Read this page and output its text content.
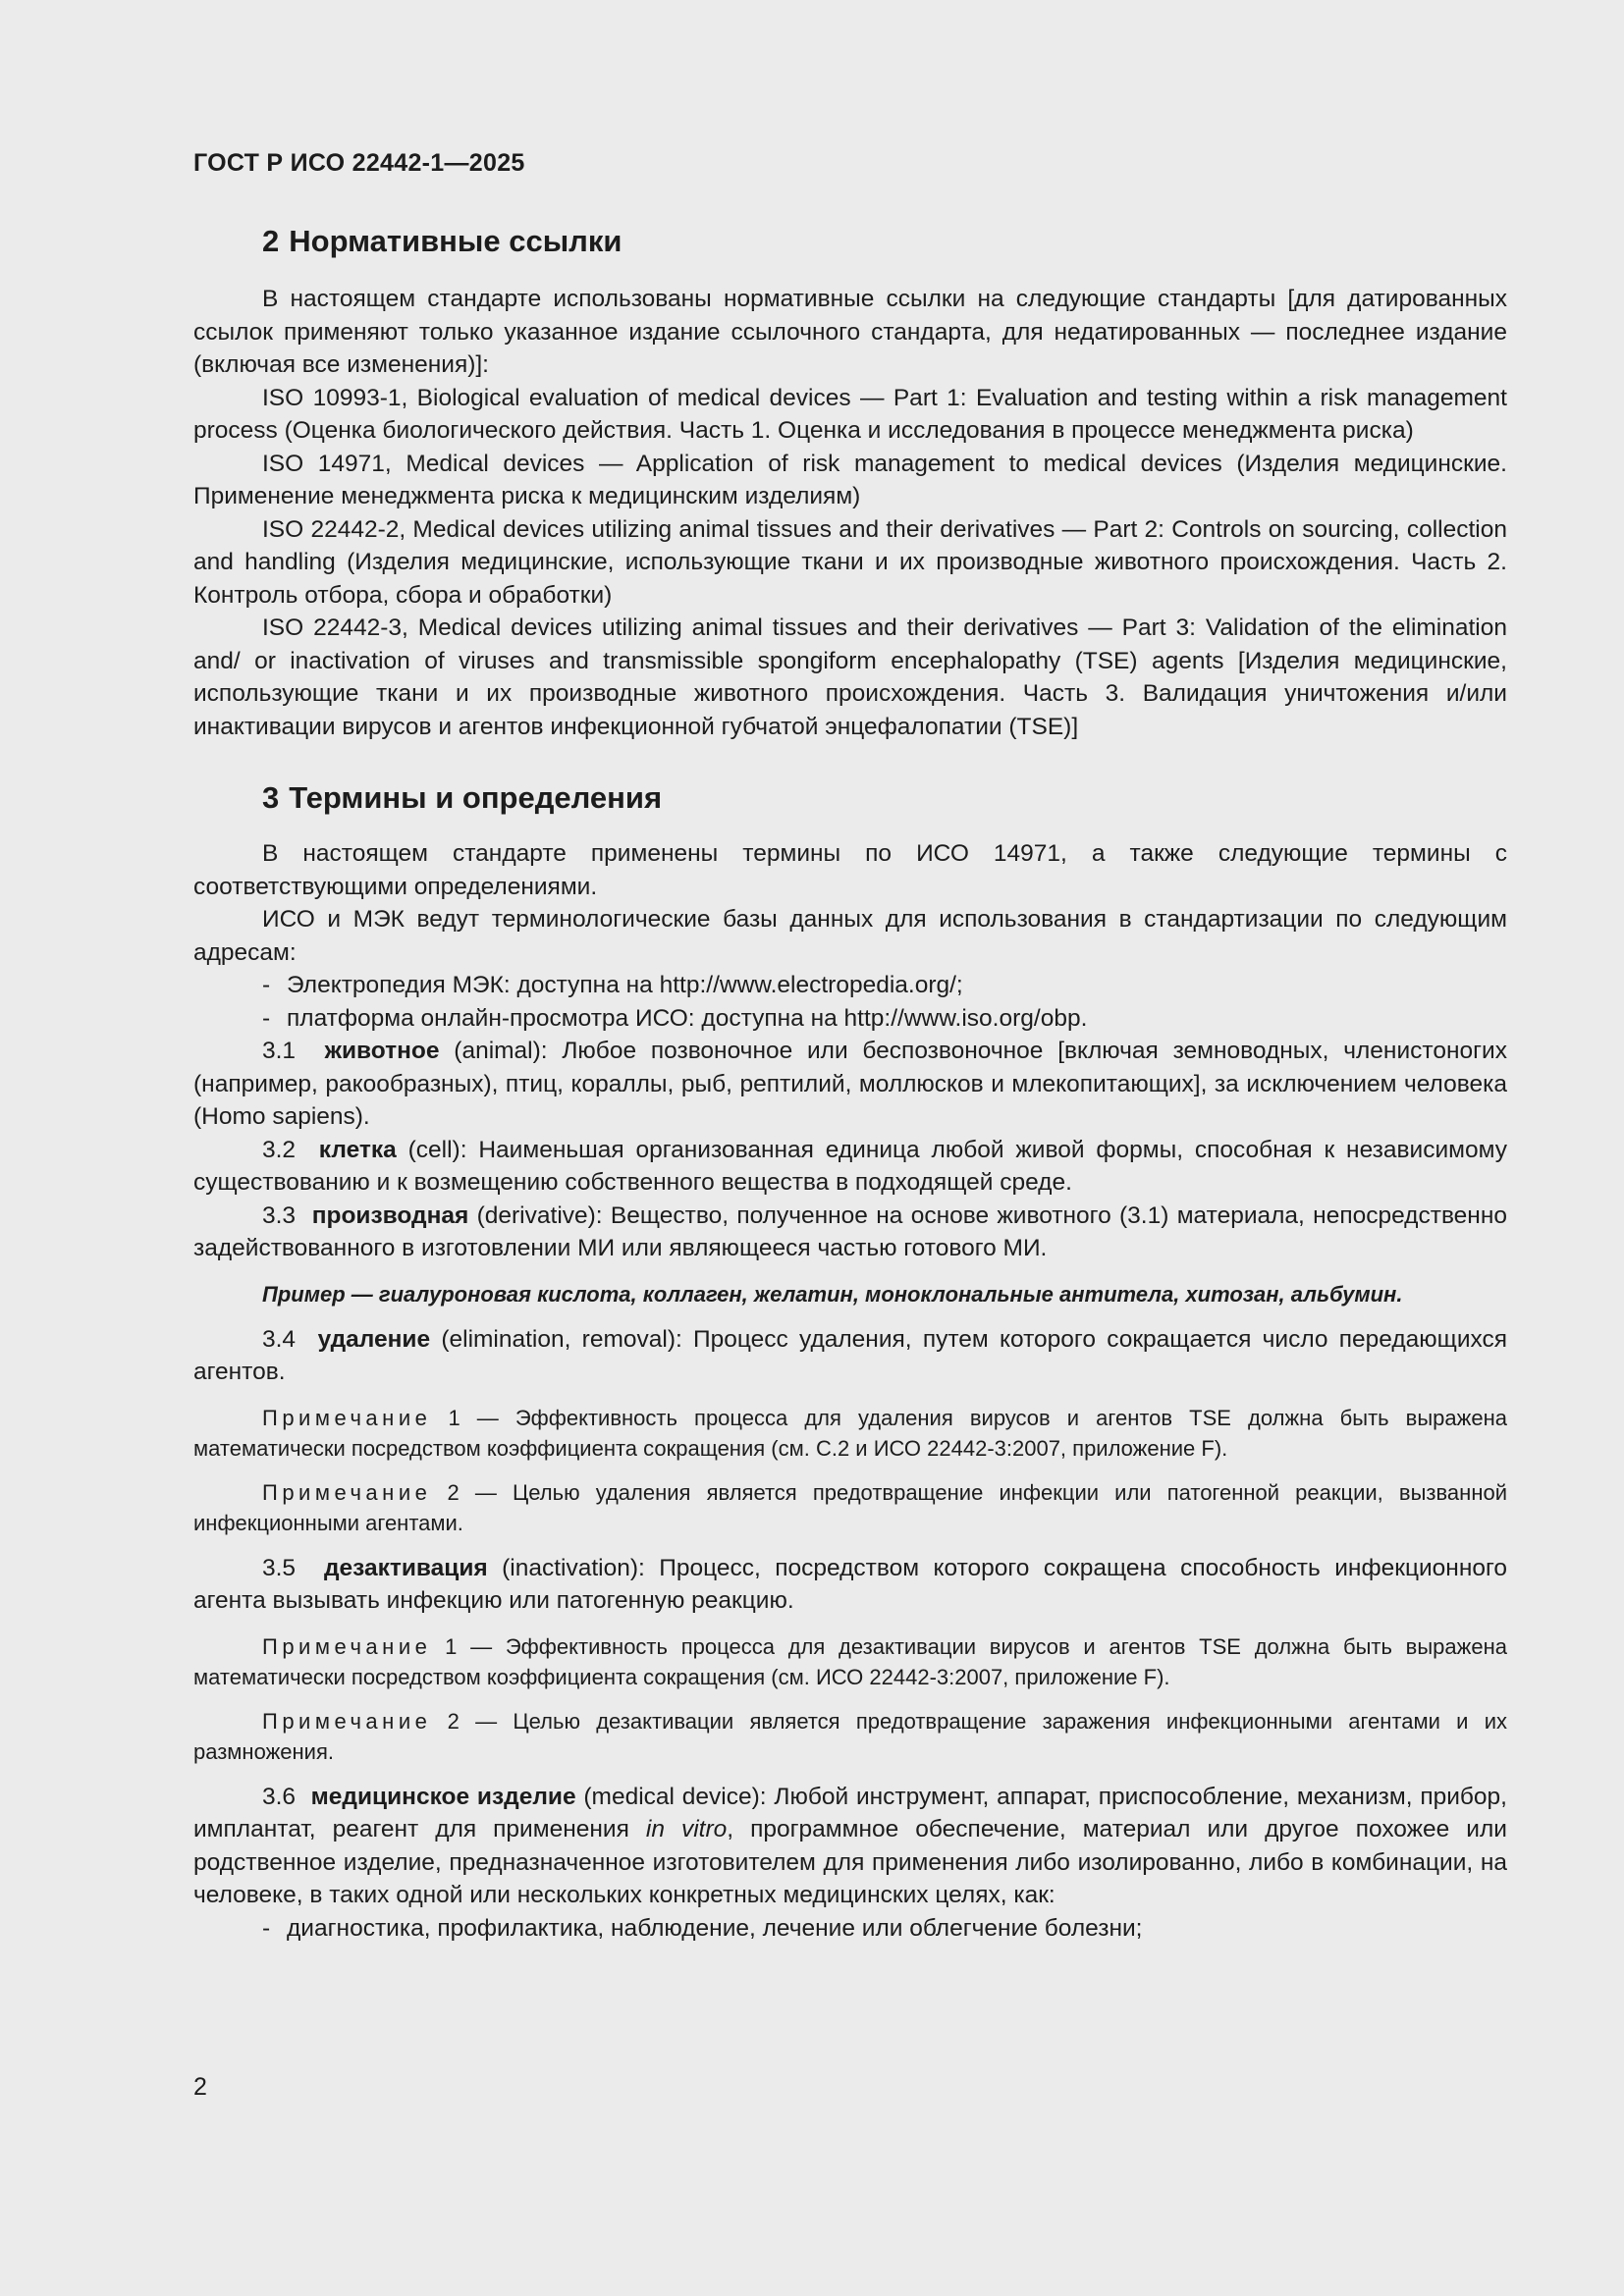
ГОСТ Р ИСО 22442-1—2025
2 Нормативные ссылки

В настоящем стандарте использованы нормативные ссылки на следующие стандарты [для датированных ссылок применяют только указанное издание ссылочного стандарта, для недатированных — последнее издание (включая все изменения)]:

ISO 10993-1, Biological evaluation of medical devices — Part 1: Evaluation and testing within a risk management process (Оценка биологического действия. Часть 1. Оценка и исследования в процессе менеджмента риска)

ISO 14971, Medical devices — Application of risk management to medical devices (Изделия медицинские. Применение менеджмента риска к медицинским изделиям)

ISO 22442-2, Medical devices utilizing animal tissues and their derivatives — Part 2: Controls on sourcing, collection and handling (Изделия медицинские, использующие ткани и их производные животного происхождения. Часть 2. Контроль отбора, сбора и обработки)

ISO 22442-3, Medical devices utilizing animal tissues and their derivatives — Part 3: Validation of the elimination and/ or inactivation of viruses and transmissible spongiform encephalopathy (TSE) agents [Изделия медицинские, использующие ткани и их производные животного происхождения. Часть 3. Валидация уничтожения и/или инактивации вирусов и агентов инфекционной губчатой энцефалопатии (TSE)]

3 Термины и определения

В настоящем стандарте применены термины по ИСО 14971, а также следующие термины с соответствующими определениями.

ИСО и МЭК ведут терминологические базы данных для использования в стандартизации по следующим адресам:

- Электропедия МЭК: доступна на http://www.electropedia.org/;
- платформа онлайн-просмотра ИСО: доступна на http://www.iso.org/obp.

3.1 животное (animal): Любое позвоночное или беспозвоночное [включая земноводных, членистоногих (например, ракообразных), птиц, кораллы, рыб, рептилий, моллюсков и млекопитающих], за исключением человека (Homo sapiens).

3.2 клетка (cell): Наименьшая организованная единица любой живой формы, способная к независимому существованию и к возмещению собственного вещества в подходящей среде.

3.3 производная (derivative): Вещество, полученное на основе животного (3.1) материала, непосредственно задействованного в изготовлении МИ или являющееся частью готового МИ.

Пример — гиалуроновая кислота, коллаген, желатин, моноклональные антитела, хитозан, альбумин.

3.4 удаление (elimination, removal): Процесс удаления, путем которого сокращается число передающихся агентов.

Примечание 1 — Эффективность процесса для удаления вирусов и агентов TSE должна быть выражена математически посредством коэффициента сокращения (см. С.2 и ИСО 22442-3:2007, приложение F).

Примечание 2 — Целью удаления является предотвращение инфекции или патогенной реакции, вызванной инфекционными агентами.

3.5 дезактивация (inactivation): Процесс, посредством которого сокращена способность инфекционного агента вызывать инфекцию или патогенную реакцию.

Примечание 1 — Эффективность процесса для дезактивации вирусов и агентов TSE должна быть выражена математически посредством коэффициента сокращения (см. ИСО 22442-3:2007, приложение F).

Примечание 2 — Целью дезактивации является предотвращение заражения инфекционными агентами и их размножения.

3.6 медицинское изделие (medical device): Любой инструмент, аппарат, приспособление, механизм, прибор, имплантат, реагент для применения in vitro, программное обеспечение, материал или другое похожее или родственное изделие, предназначенное изготовителем для применения либо изолированно, либо в комбинации, на человеке, в таких одной или нескольких конкретных медицинских целях, как:

- диагностика, профилактика, наблюдение, лечение или облегчение болезни;
2
